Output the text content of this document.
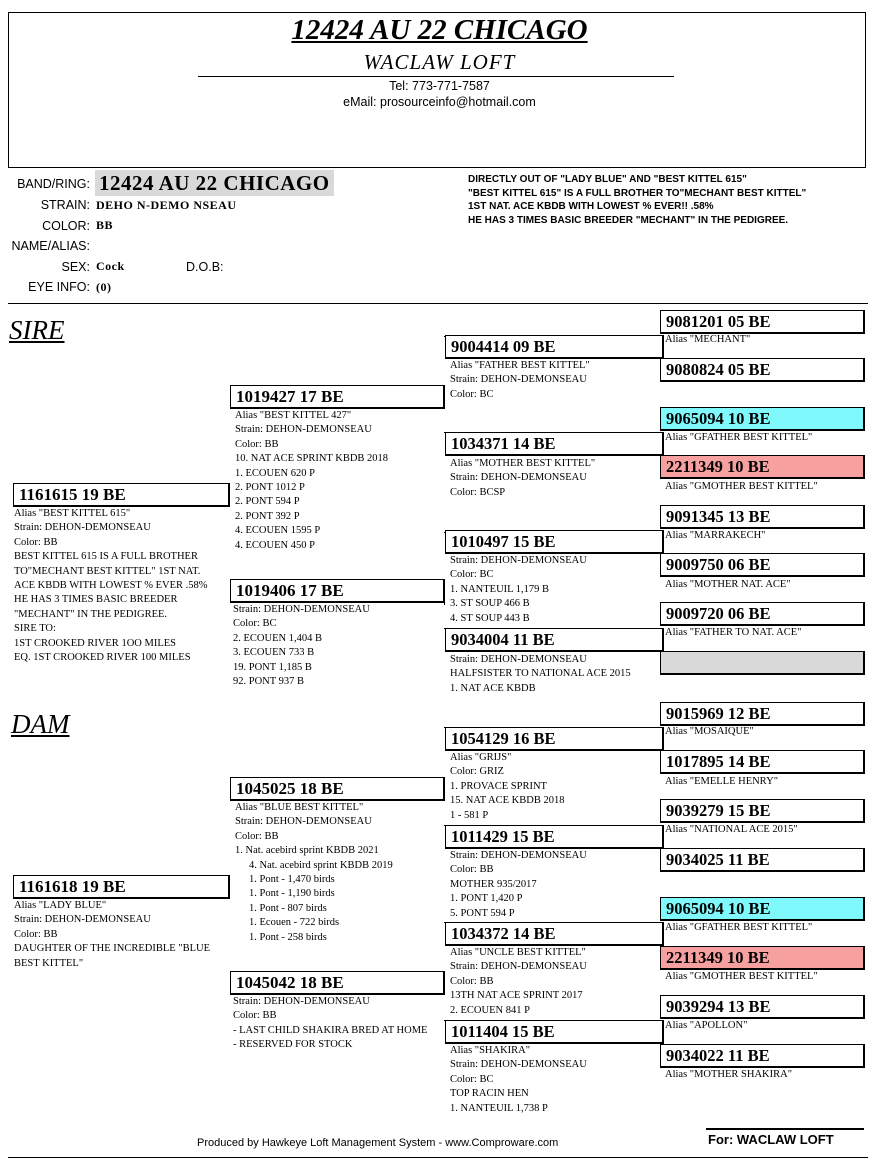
12424 AU 22 CHICAGO
WACLAW LOFT
Tel: 773-771-7587
eMail: prosourceinfo@hotmail.com
BAND/RING: 12424 AU 22 CHICAGO
STRAIN: DEHO N-DEMO NSEAU
COLOR: BB
NAME/ALIAS:
SEX: Cock	D.O.B:
EYE INFO: (0)
DIRECTLY OUT OF "LADY BLUE" AND "BEST KITTEL 615"
"BEST KITTEL 615" IS A FULL BROTHER TO"MECHANT BEST KITTEL"
1ST NAT. ACE KBDB WITH LOWEST % EVER!! .58%
HE HAS 3 TIMES BASIC BREEDER "MECHANT" IN THE PEDIGREE.
SIRE
DAM
1161615 19 BE
Alias "BEST KITTEL 615"
Strain: DEHON-DEMONSEAU
Color: BB
BEST KITTEL 615 IS A FULL BROTHER
TO"MECHANT BEST KITTEL" 1ST NAT.
ACE KBDB WITH LOWEST % EVER .58%
HE HAS 3 TIMES BASIC BREEDER
"MECHANT" IN THE PEDIGREE.
SIRE TO:
1ST CROOKED RIVER 1OO MILES
EQ. 1ST CROOKED RIVER 100 MILES
1161618 19 BE
Alias "LADY BLUE"
Strain: DEHON-DEMONSEAU
Color: BB
DAUGHTER OF THE INCREDIBLE "BLUE
BEST KITTEL"
1019427 17 BE
Alias "BEST KITTEL 427"
Strain: DEHON-DEMONSEAU
Color: BB
10. NAT ACE SPRINT KBDB 2018
1. ECOUEN 620 P
2. PONT 1012 P
2. PONT 594 P
2. PONT 392 P
4. ECOUEN 1595 P
4. ECOUEN 450 P
1019406 17 BE
Strain: DEHON-DEMONSEAU
Color: BC
2. ECOUEN 1,404 B
3. ECOUEN 733 B
19. PONT 1,185 B
92. PONT 937 B
1045025 18 BE
Alias "BLUE BEST KITTEL"
Strain: DEHON-DEMONSEAU
Color: BB
1. Nat. acebird sprint KBDB 2021
4. Nat. acebird sprint KBDB 2019
1. Pont - 1,470 birds
1. Pont - 1,190 birds
1. Pont - 807 birds
1. Ecouen - 722 birds
1. Pont - 258 birds
1045042 18 BE
Strain: DEHON-DEMONSEAU
Color: BB
- LAST CHILD SHAKIRA BRED AT HOME
- RESERVED FOR STOCK
9004414 09 BE
Alias "FATHER BEST KITTEL"
Strain: DEHON-DEMONSEAU
Color: BC
1034371 14 BE
Alias "MOTHER BEST KITTEL"
Strain: DEHON-DEMONSEAU
Color: BCSP
1010497 15 BE
Strain: DEHON-DEMONSEAU
Color: BC
1. NANTEUIL 1,179 B
3. ST SOUP 466 B
4. ST SOUP 443 B
9034004 11 BE
Strain: DEHON-DEMONSEAU
HALFSISTER TO NATIONAL ACE 2015
1. NAT ACE KBDB
1054129 16 BE
Alias "GRIJS"
Color: GRIZ
1. PROVACE SPRINT
15. NAT ACE KBDB 2018
1 - 581 P
1011429 15 BE
Strain: DEHON-DEMONSEAU
Color: BB
MOTHER 935/2017
1. PONT 1,420 P
5. PONT 594 P
1034372 14 BE
Alias "UNCLE BEST KITTEL"
Strain: DEHON-DEMONSEAU
Color: BB
13TH NAT ACE SPRINT 2017
2. ECOUEN 841 P
1011404 15 BE
Alias "SHAKIRA"
Strain: DEHON-DEMONSEAU
Color: BC
TOP RACIN HEN
1. NANTEUIL 1,738 P
9081201 05 BE
Alias "MECHANT"
9080824 05 BE
9065094 10 BE
Alias "GFATHER BEST KITTEL"
2211349 10 BE
Alias "GMOTHER BEST KITTEL"
9091345 13 BE
Alias "MARRAKECH"
9009750 06 BE
Alias "MOTHER NAT. ACE"
9009720 06 BE
Alias "FATHER TO NAT. ACE"
9015969 12 BE
Alias "MOSAIQUE"
1017895 14 BE
Alias "EMELLE HENRY"
9039279 15 BE
Alias "NATIONAL ACE 2015"
9034025 11 BE
9065094 10 BE
Alias "GFATHER BEST KITTEL"
2211349 10 BE
Alias "GMOTHER BEST KITTEL"
9039294 13 BE
Alias "APOLLON"
9034022 11 BE
Alias "MOTHER SHAKIRA"
Produced by Hawkeye Loft Management System - www.Comproware.com	For: WACLAW LOFT
